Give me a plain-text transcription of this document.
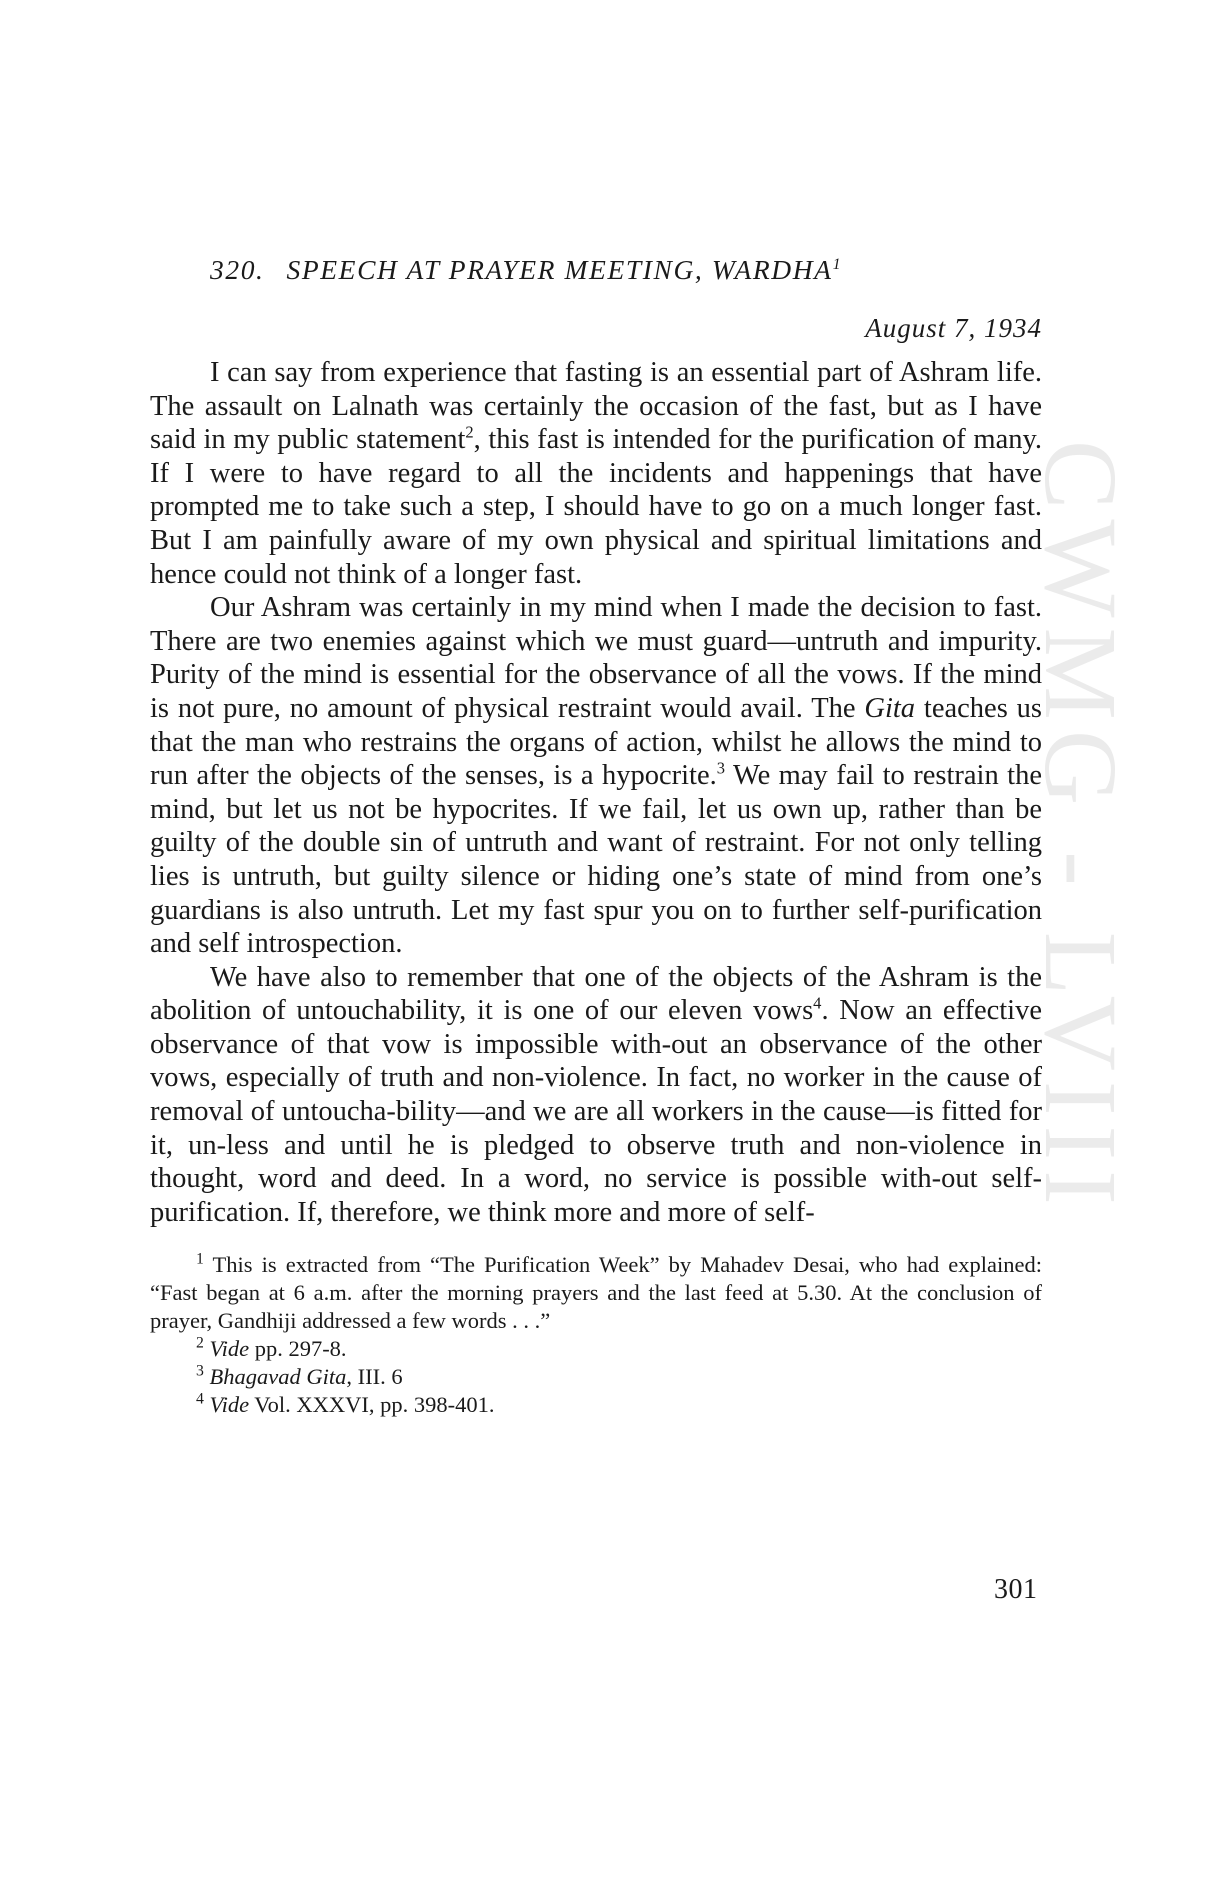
CWMG - LVIII
320. SPEECH AT PRAYER MEETING, WARDHA$^1$
August 7, 1934

I can say from experience that fasting is an essential part of Ashram life. The assault on Lalnath was certainly the occasion of the fast, but as I have said in my public statement$^2$, this fast is intended for the purification of many. If I were to have regard to all the incidents and happenings that have prompted me to take such a step, I should have to go on a much longer fast. But I am painfully aware of my own physical and spiritual limitations and hence could not think of a longer fast.

Our Ashram was certainly in my mind when I made the decision to fast. There are two enemies against which we must guard—untruth and impurity. Purity of the mind is essential for the observance of all the vows. If the mind is not pure, no amount of physical restraint would avail. The Gita teaches us that the man who restrains the organs of action, whilst he allows the mind to run after the objects of the senses, is a hypocrite.$^3$ We may fail to restrain the mind, but let us not be hypocrites. If we fail, let us own up, rather than be guilty of the double sin of untruth and want of restraint. For not only telling lies is untruth, but guilty silence or hiding one’s state of mind from one’s guardians is also untruth. Let my fast spur you on to further self-purification and self introspection.

We have also to remember that one of the objects of the Ashram is the abolition of untouchability, it is one of our eleven vows$^4$. Now an effective observance of that vow is impossible with-out an observance of the other vows, especially of truth and non-violence. In fact, no worker in the cause of removal of untoucha-bility—and we are all workers in the cause—is fitted for it, un-less and until he is pledged to observe truth and non-violence in thought, word and deed. In a word, no service is possible with-out self-purification. If, therefore, we think more and more of self-

$^1$ This is extracted from “The Purification Week” by Mahadev Desai, who had explained: “Fast began at 6 a.m. after the morning prayers and the last feed at 5.30. At the conclusion of prayer, Gandhiji addressed a few words . . .”

$^2$ Vide pp. 297-8.

$^3$ Bhagavad Gita, III. 6

$^4$ Vide Vol. XXXVI, pp. 398-401.

301
